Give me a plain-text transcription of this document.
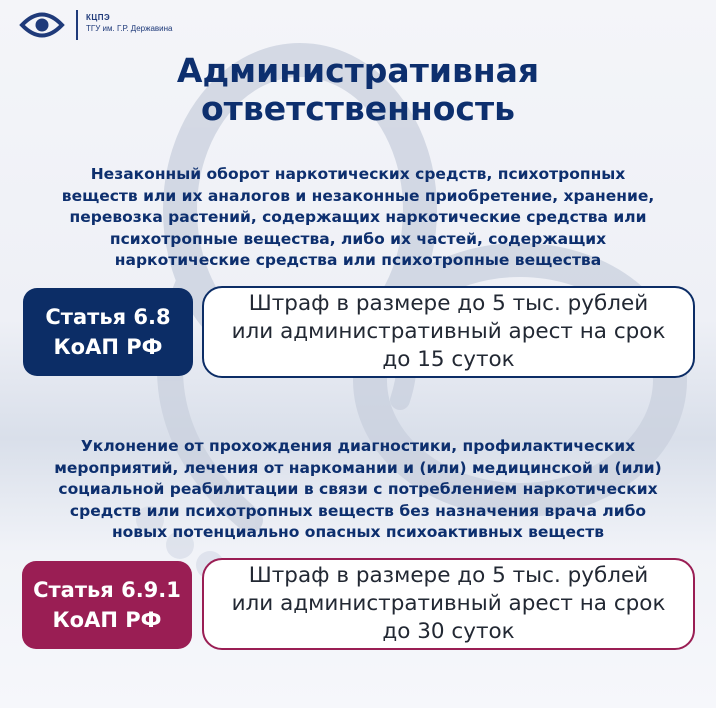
КЦПЭ
ТГУ им. Г.Р. Державина
Административная
ответственность
Незаконный оборот наркотических средств, психотропных
веществ или их аналогов и незаконные приобретение, хранение,
перевозка растений, содержащих наркотические средства или
психотропные вещества, либо их частей, содержащих
наркотические средства или психотропные вещества
Статья 6.8
КоАП РФ
Штраф в размере до 5 тыс. рублей
или административный арест на срок
до 15 суток
Уклонение от прохождения диагностики, профилактических
мероприятий, лечения от наркомании и (или) медицинской и (или)
социальной реабилитации в связи с потреблением наркотических
средств или психотропных веществ без назначения врача либо
новых потенциально опасных психоактивных веществ
Статья 6.9.1
КоАП РФ
Штраф в размере до 5 тыс. рублей
или административный арест на срок
до 30 суток
